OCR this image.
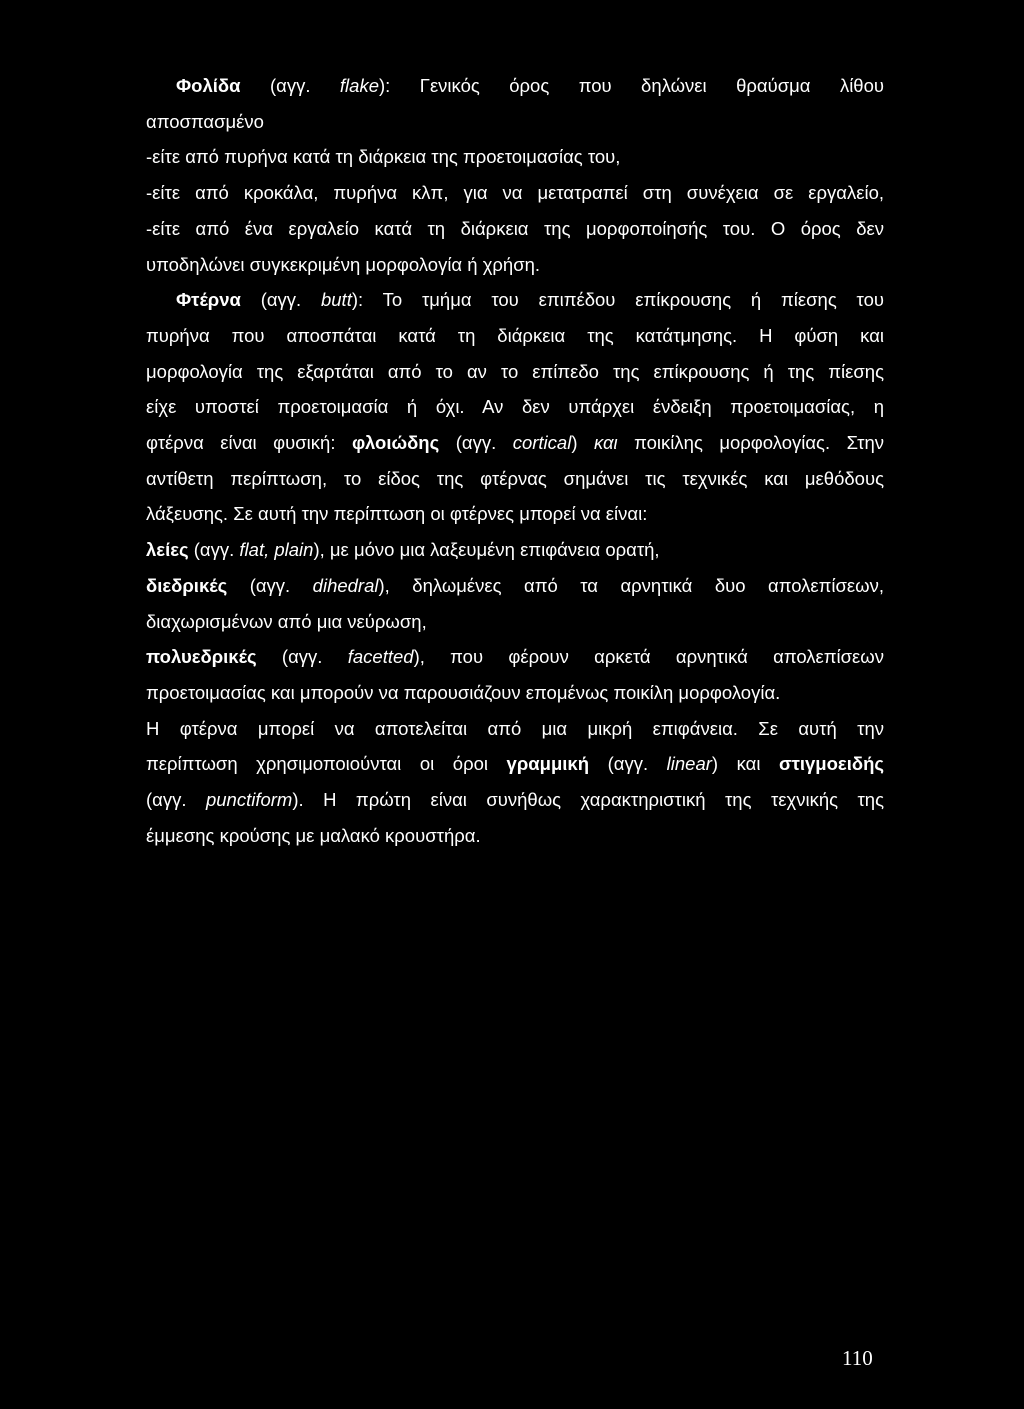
Φολίδα (αγγ. flake): Γενικός όρος που δηλώνει θραύσμα λίθου

αποσπασμένο

-είτε από πυρήνα κατά τη διάρκεια της προετοιμασίας του,

-είτε από κροκάλα, πυρήνα κλπ, για να μετατραπεί στη συνέχεια σε εργαλείο,

-είτε από ένα εργαλείο κατά τη διάρκεια της μορφοποίησής του. Ο όρος δεν

υποδηλώνει συγκεκριμένη μορφολογία ή χρήση.

Φτέρνα (αγγ. butt): Το τμήμα του επιπέδου επίκρουσης ή πίεσης του

πυρήνα που αποσπάται κατά τη διάρκεια της κατάτμησης. Η φύση και

μορφολογία της εξαρτάται από το αν το επίπεδο της επίκρουσης ή της πίεσης

είχε υποστεί προετοιμασία ή όχι. Αν δεν υπάρχει ένδειξη προετοιμασίας, η

φτέρνα είναι φυσική: φλοιώδης (αγγ. cortical) και ποικίλης μορφολογίας. Στην

αντίθετη περίπτωση, το είδος της φτέρνας σημάνει τις τεχνικές και μεθόδους

λάξευσης. Σε αυτή την περίπτωση οι φτέρνες μπορεί να είναι:

λείες (αγγ. flat, plain), με μόνο μια λαξευμένη επιφάνεια ορατή,

διεδρικές (αγγ. dihedral), δηλωμένες από τα αρνητικά δυο απολεπίσεων,

διαχωρισμένων από μια νεύρωση,

πολυεδρικές (αγγ. facetted), που φέρουν αρκετά αρνητικά απολεπίσεων

προετοιμασίας και μπορούν να παρουσιάζουν επομένως ποικίλη μορφολογία.

Η φτέρνα μπορεί να αποτελείται από μια μικρή επιφάνεια. Σε αυτή την

περίπτωση χρησιμοποιούνται οι όροι γραμμική (αγγ. linear) και στιγμοειδής

(αγγ. punctiform). Η πρώτη είναι συνήθως χαρακτηριστική της τεχνικής της

έμμεσης κρούσης με μαλακό κρουστήρα.

110
